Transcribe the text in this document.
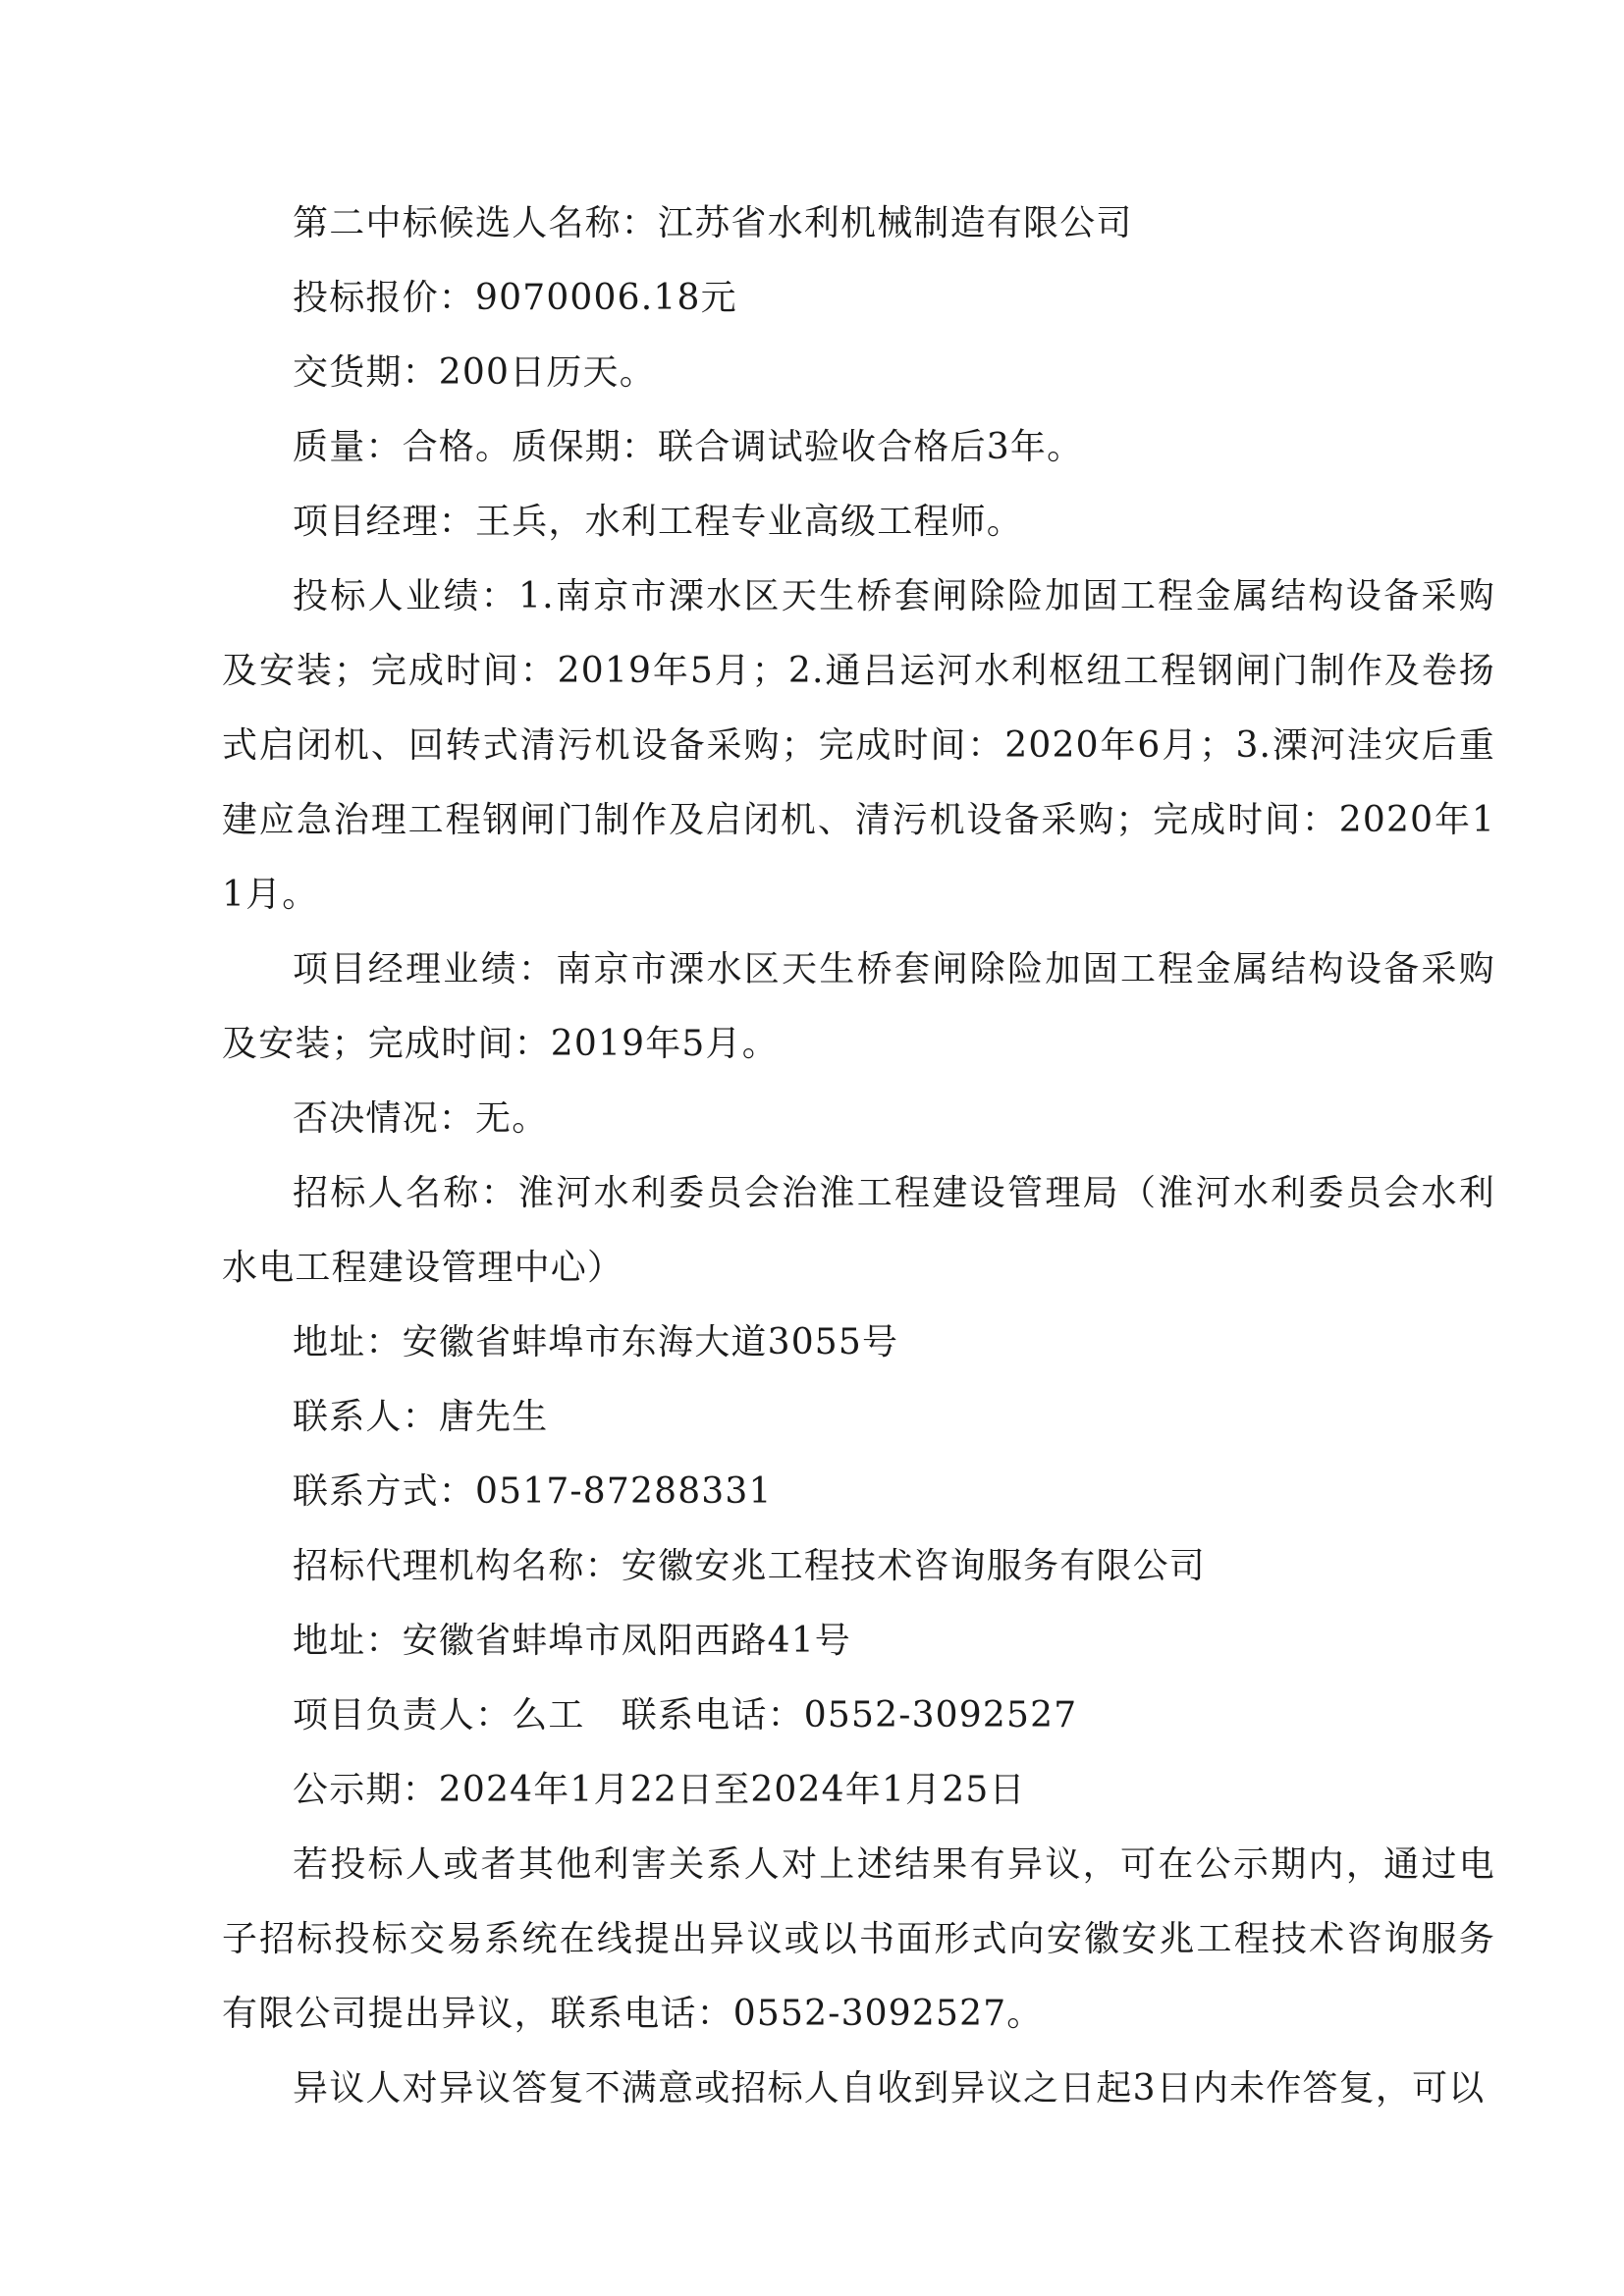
第二中标候选人名称：江苏省水利机械制造有限公司

投标报价：9070006.18元

交货期：200日历天。

质量：合格。质保期：联合调试验收合格后3年。

项目经理：王兵，水利工程专业高级工程师。

投标人业绩：1.南京市溧水区天生桥套闸除险加固工程金属结构设备采购及安装；完成时间：2019年5月；2.通吕运河水利枢纽工程钢闸门制作及卷扬式启闭机、回转式清污机设备采购；完成时间：2020年6月；3.溧河洼灾后重建应急治理工程钢闸门制作及启闭机、清污机设备采购；完成时间：2020年11月。

项目经理业绩：南京市溧水区天生桥套闸除险加固工程金属结构设备采购及安装；完成时间：2019年5月。

否决情况：无。

招标人名称：淮河水利委员会治淮工程建设管理局（淮河水利委员会水利水电工程建设管理中心）

地址：安徽省蚌埠市东海大道3055号

联系人：唐先生

联系方式：0517-87288331

招标代理机构名称：安徽安兆工程技术咨询服务有限公司

地址：安徽省蚌埠市凤阳西路41号

项目负责人：么工　联系电话：0552-3092527

公示期：2024年1月22日至2024年1月25日

若投标人或者其他利害关系人对上述结果有异议，可在公示期内，通过电子招标投标交易系统在线提出异议或以书面形式向安徽安兆工程技术咨询服务有限公司提出异议，联系电话：0552-3092527。

异议人对异议答复不满意或招标人自收到异议之日起3日内未作答复，可以
